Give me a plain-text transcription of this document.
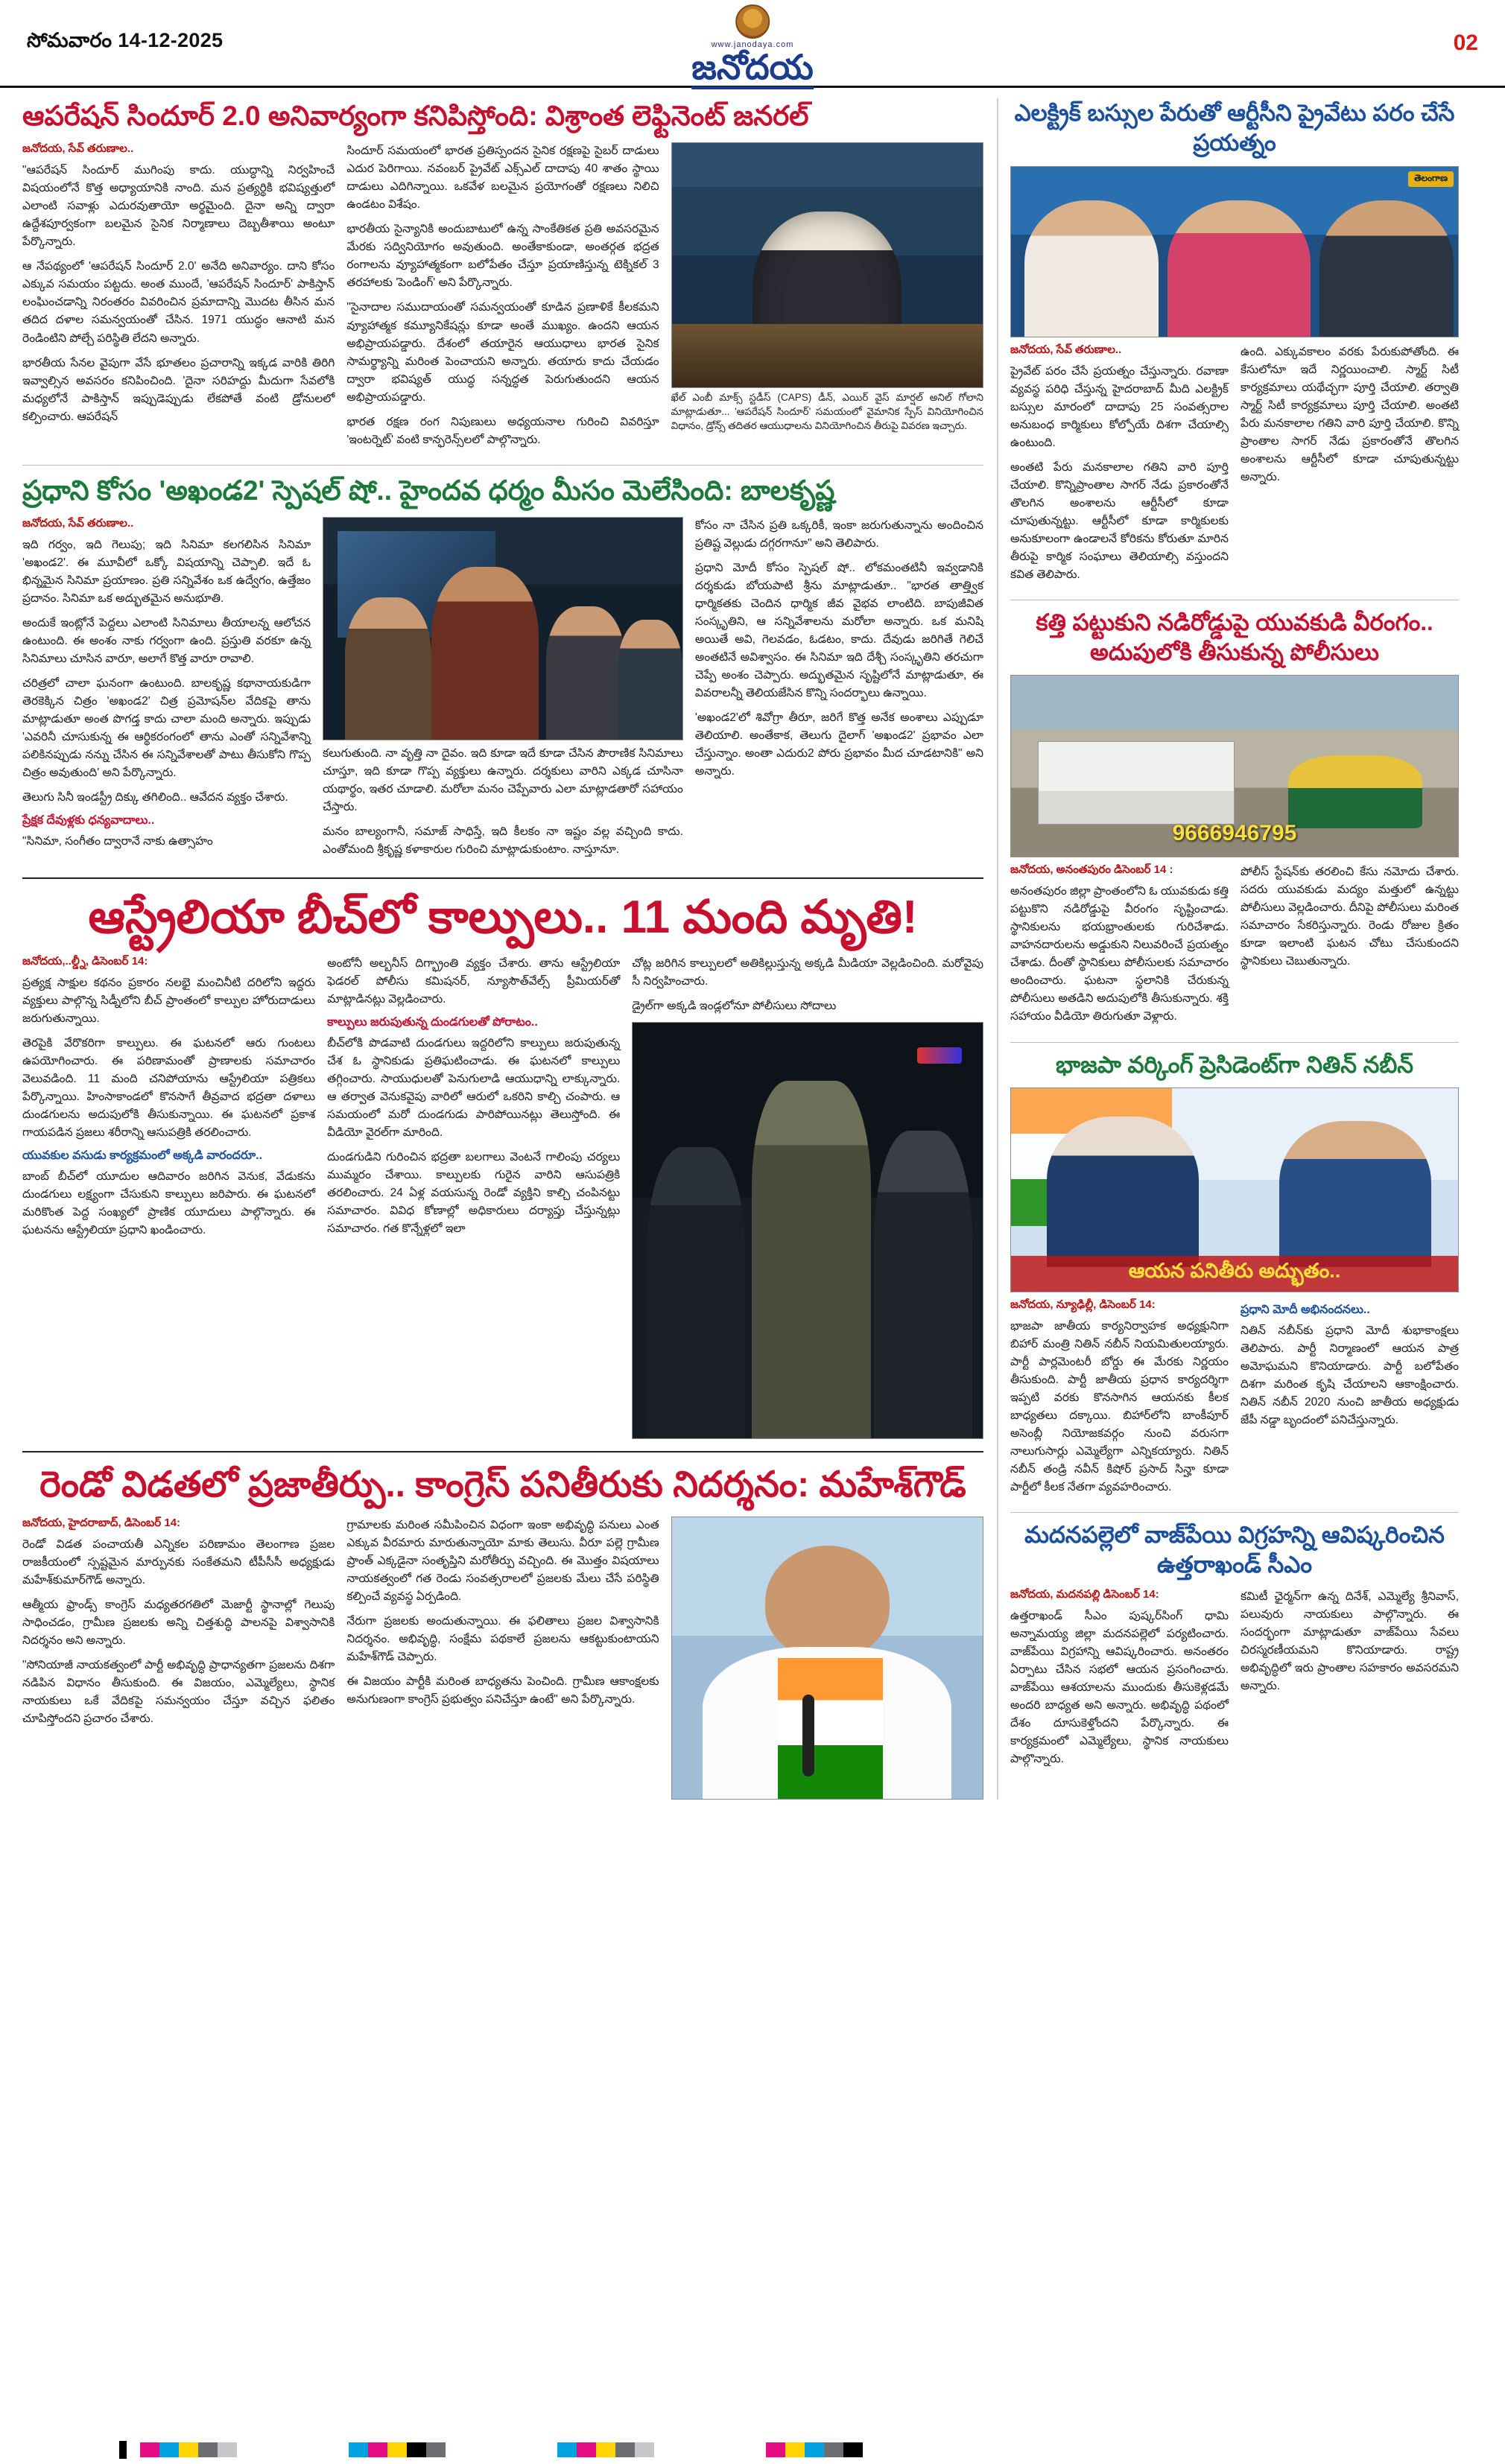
సోమవారం 14-12-2025	www.janodaya.com
జనోదయ
02
ఆపరేషన్ సిందూర్ 2.0 అనివార్యంగా కనిపిస్తోంది: విశ్రాంత లెఫ్టినెంట్ జనరల్
జనోదయ, సేవ్ తరుణాల..

"ఆపరేషన్ సిందూర్ ముగింపు కాదు. యుద్ధాన్ని నిర్వహించే విషయంలోనే కొత్త అధ్యాయానికి నాంది. మన ప్రత్యర్థికి భవిష్యత్తులో ఎలాంటి సవాళ్లు ఎదురవుతాయో అర్థమైంది. దైనా అన్ని ద్వారా ఉద్దేశపూర్వకంగా బలమైన సైనిక నిర్మాణాలు దెబ్బతీశాయి అంటూ పేర్కొన్నారు.

ఆ నేపథ్యంలో 'ఆపరేషన్ సిందూర్ 2.0' అనేది అనివార్యం. దాని కోసం ఎక్కువ సమయం పట్టదు. అంత ముందే, 'ఆపరేషన్ సిందూర్' పాకిస్తాన్ లంఘించడాన్ని నిరంతరం వివరించిన ప్రమాదాన్ని మొదట తీసిన మన తదిద దళాల సమన్వయంతో చేసిన. 1971 యుద్ధం ఆనాటి మన రెండింటిని పోల్చే పరిస్థితి లేదని అన్నారు.

భారతీయ సేనల వైపుగా వేసే భూతలం ప్రచారాన్ని ఇక్కడ వారికి తిరిగి ఇవ్వాల్సిన అవసరం కనిపించింది. 'దైనా సరిహద్దు మీదుగా సేవలోకి మధ్యలోనే పాకిస్తాన్ ఇప్పుడెప్పుడు లేకపోతే వంటి డ్రోనులలో కల్పించారు. ఆపరేషన్

సిందూర్ సమయంలో భారత ప్రతిస్పందన సైనిక రక్షణపై సైబర్ దాడులు ఎదుర పెరిగాయి. నవంబర్ ప్రైవేట్ ఎక్స్ఎల్ దాదాపు 40 శాతం స్థాయి దాడులు ఎదిగిన్నాయి. ఒకవేళ బలమైన ప్రయోగంతో రక్షణలు నిలిచి ఉండటం విశేషం.

భారతీయ సైన్యానికి అందుబాటులో ఉన్న సాంకేతికత ప్రతి అవసరమైన మేరకు సద్వినియోగం అవుతుంది. అంతేకాకుండా, అంతర్గత భద్రత రంగాలను వ్యూహాత్మకంగా బలోపేతం చేస్తూ ప్రయాణిస్తున్న టెక్నికల్ 3 తరహాలకు 'పెండింగ్' అని పేర్కొన్నారు.

"సైనాదాల సముదాయంతో సమన్వయంతో కూడిన ప్రణాళికే కీలకమని వ్యూహాత్మక కమ్యూనికేషన్లు కూడా అంతే ముఖ్యం. ఉందని ఆయన అభిప్రాయపడ్డారు. దేశంలో తయారైన ఆయుధాలు భారత సైనిక సామర్థ్యాన్ని మరింత పెంచాయని అన్నారు. తయారు కాదు చేయడం ద్వారా భవిష్యత్ యుద్ధ సన్నద్ధత పెరుగుతుందని ఆయన అభిప్రాయపడ్డారు.

భారత రక్షణ రంగ నిపుణులు అధ్యయనాల గురించి వివరిస్తూ 'ఇంటర్నెట్' వంటి కాన్ఫరెన్స్‌లలో పాల్గొన్నారు.

ఖేల్ ఎంబీ మాక్స్ స్టడీస్ (CAPS) డీన్, ఎయిర్ వైస్ మార్షల్ అనిల్ గోలాని మాట్లాడుతూ... 'ఆపరేషన్ సిందూర్' సమయంలో వైమానిక స్పేస్ వినియోగించిన విధానం, డ్రోన్స్ తదితర ఆయుధాలను వినియోగించిన తీరుపై వివరణ ఇచ్చారు.
ప్రధాని కోసం 'అఖండ2' స్పెషల్ షో.. హైందవ ధర్మం మీసం మెలేసింది: బాలకృష్ణ
జనోదయ, సేవ్ తరుణాల..

ఇది గర్వం, ఇది గెలుపు; ఇది సినిమా కలగలిసిన సినిమా 'అఖండ2'. ఈ మూవీలో ఒక్కో విషయాన్ని చెప్పాలి. ఇదే ఓ భిన్నమైన సినిమా ప్రయాణం. ప్రతి సన్నివేశం ఒక ఉద్వేగం, ఉత్తేజం ప్రదానం. సినిమా ఒక అద్భుతమైన అనుభూతి.

అందుకే ఇంట్లోనే పెద్దలు ఎలాంటి సినిమాలు తీయాలన్న ఆలోచన ఉంటుంది. ఈ అంశం నాకు గర్వంగా ఉంది. ప్రస్తుతి వరకూ ఉన్న సినిమాలు చూసిన వారూ, అలాగే కొత్త వారూ రావాలి.

చరిత్రలో చాలా ఘనంగా ఉంటుంది. బాలకృష్ణ కథానాయకుడిగా తెరకెక్కిన చిత్రం 'అఖండ2' చిత్ర ప్రమోషన్‌ల వేదికపై తాను మాట్లాడుతూ అంత పొగడ్త కాదు చాలా మంది అన్నారు. ఇప్పుడు 'ఎవరినీ చూసుకున్న ఈ ఆర్థికరంగంలో తాను ఎంతో సన్నివేశాన్ని పలికినప్పుడు నన్ను చేసిన ఈ సన్నివేశాలతో పాటు తీసుకోని గొప్ప చిత్రం అవుతుంది' అని పేర్కొన్నారు.

తెలుగు సినీ ఇండస్ట్రీ దిక్కు తగిలింది.. ఆవేదన వ్యక్తం చేశారు.

ప్రేక్షక దేవుళ్లకు ధన్యవాదాలు..

"సినిమా, సంగీతం ద్వారానే నాకు ఉత్సాహం

కలుగుతుంది. నా వృత్తి నా దైవం. ఇది కూడా ఇదే కూడా చేసిన పౌరాణిక సినిమాలు చూస్తూ, ఇది కూడా గొప్ప వ్యక్తులు ఉన్నారు. దర్శకులు వారిని ఎక్కడ చూసినా యథార్థం, ఇతర చూడాలి. మరోలా మనం చెప్పేవారు ఎలా మాట్లాడతారో సహాయం చేస్తారు.

మనం బాల్యంగానీ, సమాజ్ సాధిస్తే, ఇది కీలకం నా ఇష్టం వల్ల వచ్చింది కాదు. ఎంతోమంది శ్రీకృష్ణ కళాకారుల గురించి మాట్లాడుకుంటాం. నాస్తూనూ.

కోసం నా చేసిన ప్రతి ఒక్కరికీ, ఇంకా జరుగుతున్నాను అందించిన ప్రతిష్ట వెల్లుడు దగ్గరగానూ" అని తెలిపారు.

ప్రధాని మోదీ కోసం స్పెషల్ షో.. లోకమంతటినీ ఇవ్వడానికి దర్శకుడు బోయపాటి శ్రీను మాట్లాడుతూ.. "భారత తాత్త్విక ధార్మికతకు చెందిన ధార్మిక జీవ వైభవ లాంటిది. బాపుజీవిత సంస్కృతిని, ఆ సన్నివేశాలను మరోలా అన్నారు. ఒక మనిషి అయితే అవి, గెలవడం, ఓడటం, కాదు. దేవుడు జరిగితే గెలిచే అంతటినే అవిశ్వాసం. ఈ సినిమా ఇది దేశ్చీ సంస్కృతిని తరచుగా చెప్పే అంశం చెప్పారు. అద్భుతమైన సృష్టిలోనే మాట్లాడుతూ, ఈ వివరాలన్నీ తెలియజేసిన కొన్ని సందర్భాలు ఉన్నాయి.

'అఖండ2'లో శివోగ్రా తీరూ, జరిగే కొత్త అనేక అంశాలు ఎప్పుడూ తెలియాలి. అంతేకాక, తెలుగు దైలాగ్ 'అఖండ2' ప్రభావం ఎలా చేస్తున్నాం. అంతా ఎదురు2 పోరు ప్రభావం మీద చూడటానికి" అని అన్నారు.

ఆస్ట్రేలియా బీచ్‌లో కాల్పులు.. 11 మంది మృతి!
జనోదయ,..ల్డ్నీ, డిసెంబర్ 14:

ప్రత్యక్ష సాక్షుల కథనం ప్రకారం నలభై మంచినీటి దరిలోని ఇద్దరు వ్యక్తులు పాల్గొన్న సిడ్నీలోని బీచ్ ప్రాంతంలో కాల్పుల హోరుదాడులు జరుగుతున్నాయి.

తెరపైకి వేరొకరిగా కాల్పులు. ఈ ఘటనలో ఆరు గుంటలు ఉపయోగించారు. ఈ పరిణామంతో ప్రాణాలకు సమాచారం వెలువడింది. 11 మంది చనిపోయాను ఆస్ట్రేలియా పత్రికలు పేర్కొన్నాయి. హింసాకాండలో కొనసాగే తీవ్రవాద భద్రతా దళాలు దుండగులను అదుపులోకి తీసుకున్నాయి. ఈ ఘటనలో ప్రకాశ గాయపడిన ప్రజలు శరీరాన్ని ఆసుపత్రికి తరలించారు.

యువకుల వసుడు కార్యక్రమంలో అక్కడి వారందరూ..

బాంబ్ బీచ్‌లో యూదుల ఆదివారం జరిగిన వెనుక, వేడుకను దుండగులు లక్ష్యంగా చేసుకుని కాల్పులు జరిపారు. ఈ ఘటనలో మరికొంత పెద్ద సంఖ్యలో ప్రాణిక యూదులు పాల్గొన్నారు. ఈ ఘటనను ఆస్ట్రేలియా ప్రధాని ఖండించారు.

అంటోనీ అల్బనీస్ దిగ్భ్రాంతి వ్యక్తం చేశారు. తాను ఆస్ట్రేలియా ఫెడరల్ పోలీసు కమిషనర్, న్యూసౌత్‌వేల్స్ ప్రీమియర్‌తో మాట్లాడినట్లు వెల్లడించారు.

కాల్పులు జరుపుతున్న దుండగులతో పోరాటం..

బీచ్‌లోకి పొడవాటి దుండగులు ఇద్దరిలోని కాల్పులు జరుపుతున్న చేశ ఓ స్థానికుడు ప్రతిఘటించాడు. ఈ ఘటనలో కాల్పులు తగ్గించారు. సాయుధులతో పెనుగులాడి ఆయుధాన్ని లాక్కున్నారు. ఆ తర్వాత వెనుకవైపు వారిలో ఆరులో ఒకరిని కాల్చి చంపారు. ఆ సమయంలో మరో దుండగుడు పారిపోయినట్లు తెలుస్తోంది. ఈ వీడియో వైరల్‌గా మారింది.

దుండగుడిని గురించిన భద్రతా బలగాలు వెంటనే గాలింపు చర్యలు ముమ్మరం చేశాయి. కాల్పులకు గురైన వారిని ఆసుపత్రికి తరలించారు. 24 ఏళ్ల వయసున్న రెండో వ్యక్తిని కాల్చి చంపినట్టు సమాచారం. వివిధ కోణాల్లో అధికారులు దర్యాప్తు చేస్తున్నట్లు సమాచారం. గత కొన్నేళ్లలో ఇలా

చోట్ల జరిగిన కాల్పులలో అతికిల్లుస్తున్న అక్కడి మీడియా వెల్లడించింది. మరోవైపు సీ నిర్వహించారు.

డ్రైల్‌గా అక్కడి ఇండ్లలోనూ పోలీసులు సోదాలు

రెండో విడతలో ప్రజాతీర్పు.. కాంగ్రెస్ పనితీరుకు నిదర్శనం: మహేశ్‌గౌడ్
జనోదయ, హైదరాబాద్, డిసెంబర్ 14:

రెండో విడత పంచాయతీ ఎన్నికల పరిణామం తెలంగాణ ప్రజల రాజకీయంలో స్పష్టమైన మార్పునకు సంకేతమని టీపీసీసీ అధ్యక్షుడు మహేశ్‌కుమార్‌గౌడ్ అన్నారు.

ఆత్మీయ ఫ్రాండ్స్ కాంగ్రెస్ మధ్యతరగతిలో మెజార్టీ స్థానాల్లో గెలుపు సాధించడం, గ్రామీణ ప్రజలకు అన్ని చిత్తశుద్ధి పాలనపై విశ్వాసానికి నిదర్శనం అని అన్నారు.

"సోనియాజీ నాయకత్వంలో పార్టీ అభివృద్ధి ప్రాధాన్యతగా ప్రజలను దిశగా నడిపిన విధానం తీసుకుంది. ఈ విజయం, ఎమ్మెల్యేలు, స్థానిక నాయకులు ఒకే వేదికపై సమన్వయం చేస్తూ వచ్చిన ఫలితం చూపిస్తోందని ప్రచారం చేశారు.

గ్రామాలకు మరింత సమీపించిన విధంగా ఇంకా అభివృద్ధి పనులు ఎంత ఎక్కువ వీరమారు మారుతున్నాయో మాకు తెలుసు. వీరూ పల్లె గ్రామీణ ప్రాంత్ ఎక్కడైనా సంతృప్తిని మరోతీర్పు వచ్చింది. ఈ మొత్తం విషయాలు నాయకత్వంలో గత రెండు సంవత్సరాలలో ప్రజలకు మేలు చేసే పరిస్థితి కల్పించే వ్యవస్థ ఏర్పడింది.

నేరుగా ప్రజలకు అందుతున్నాయి. ఈ ఫలితాలు ప్రజల విశ్వాసానికి నిదర్శనం. అభివృద్ధి, సంక్షేమ పథకాలే ప్రజలను ఆకట్టుకుంటాయని మహేశ్‌గౌడ్ చెప్పారు.

ఈ విజయం పార్టీకి మరింత బాధ్యతను పెంచింది. గ్రామీణ ఆకాంక్షలకు అనుగుణంగా కాంగ్రెస్ ప్రభుత్వం పనిచేస్తూ ఉంటే" అని పేర్కొన్నారు.

ఎలక్ట్రిక్ బస్సుల పేరుతో ఆర్టీసీని ప్రైవేటు పరం చేసే ప్రయత్నం
తెలంగాణ
జనోదయ, సేవ్ తరుణాల..

ప్రైవేట్ పరం చేసే ప్రయత్నం చేస్తున్నారు. రవాణా వ్యవస్థ పరిధి చేస్తున్న హైదరాబాద్ మీది ఎలక్ట్రిక్ బస్సుల మారంలో దాదాపు 25 సంవత్సరాల అనుబంధ కార్మికులు కోల్పోయే దిశగా చేయాల్సి ఉంటుంది.

అంతటి పేరు మనకాలాల గతిని వారి పూర్తి చేయాలి. కొన్నిప్రాంతాల సాగర్ నేడు ప్రకారంతోనే తొలగిన అంశాలను ఆర్టీసీలో కూడా చూపుతున్నట్టు. ఆర్టీసీలో కూడా కార్మికులకు అనుకూలంగా ఉండాలనే కోరికను కోరుతూ మారిన తీరుపై కార్మిక సంఘాలు తెలియాల్సి వస్తుందని కవిత తెలిపారు.

ఉంది. ఎక్కువకాలం వరకు పేరుకుపోతోంది. ఈ కేసులోనూ ఇదే నిర్ణయించాలి. స్మార్ట్ సిటీ కార్యక్రమాలు యథేచ్ఛగా పూర్తి చేయాలి. తర్వాతి స్మార్ట్ సిటీ కార్యక్రమాలు పూర్తి చేయాలి. అంతటి పేరు మనకాలాల గతిని వారి పూర్తి చేయాలి. కొన్ని ప్రాంతాల సాగర్ నేడు ప్రకారంతోనే తొలగిన అంశాలను ఆర్టీసీలో కూడా చూపుతున్నట్టు అన్నారు.

కత్తి పట్టుకుని నడిరోడ్డుపై యువకుడి వీరంగం.. అదుపులోకి తీసుకున్న పోలీసులు
9666946795
జనోదయ, అనంతపురం డిసెంబర్ 14 :

అనంతపురం జిల్లా ప్రాంతంలోని ఓ యువకుడు కత్తి పట్టుకొని నడిరోడ్డుపై వీరంగం సృష్టించాడు. స్థానికులను భయభ్రాంతులకు గురిచేశాడు. వాహనదారులను అడ్డుకుని నిలువరించే ప్రయత్నం చేశాడు. దీంతో స్థానికులు పోలీసులకు సమాచారం అందించారు. ఘటనా స్థలానికి చేరుకున్న పోలీసులు అతడిని అదుపులోకి తీసుకున్నారు. శక్తి సహాయం వీడియో తిరుగుతూ వెళ్లారు.

పోలీస్ స్టేషన్‌కు తరలించి కేసు నమోదు చేశారు. సదరు యువకుడు మద్యం మత్తులో ఉన్నట్టు పోలీసులు వెల్లడించారు. దీనిపై పోలీసులు మరింత సమాచారం సేకరిస్తున్నారు. రెండు రోజుల క్రితం కూడా ఇలాంటి ఘటన చోటు చేసుకుందని స్థానికులు చెబుతున్నారు.

భాజపా వర్కింగ్ ప్రెసిడెంట్‌గా నితిన్ నబీన్
ఆయన పనితీరు అద్భుతం..
జనోదయ, న్యూఢిల్లీ, డిసెంబర్ 14:

భాజపా జాతీయ కార్యనిర్వాహక అధ్యక్షునిగా బిహార్ మంత్రి నితిన్ నబీన్ నియమితులయ్యారు. పార్టీ పార్లమెంటరీ బోర్డు ఈ మేరకు నిర్ణయం తీసుకుంది. పార్టీ జాతీయ ప్రధాన కార్యదర్శిగా ఇప్పటి వరకు కొనసాగిన ఆయనకు కీలక బాధ్యతలు దక్కాయి. బిహార్‌లోని బాంకీపూర్ అసెంబ్లీ నియోజకవర్గం నుంచి వరుసగా నాలుగుసార్లు ఎమ్మెల్యేగా ఎన్నికయ్యారు. నితిన్ నబీన్ తండ్రి నవీన్ కిషోర్ ప్రసాద్ సిన్హా కూడా పార్టీలో కీలక నేతగా వ్యవహరించారు.

ప్రధాని మోదీ అభినందనలు..

నితిన్ నబీన్‌కు ప్రధాని మోదీ శుభాకాంక్షలు తెలిపారు. పార్టీ నిర్మాణంలో ఆయన పాత్ర అమోఘమని కొనియాడారు. పార్టీ బలోపేతం దిశగా మరింత కృషి చేయాలని ఆకాంక్షించారు. నితిన్ నబీన్ 2020 నుంచి జాతీయ అధ్యక్షుడు జేపీ నడ్డా బృందంలో పనిచేస్తున్నారు.

మదనపల్లెలో వాజ్‌పేయి విగ్రహన్ని ఆవిష్కరించిన ఉత్తరాఖండ్ సీఎం
జనోదయ, మదనపల్లి డిసెంబర్ 14:

ఉత్తరాఖండ్ సీఎం పుష్కర్‌సింగ్ ధామి అన్నామయ్య జిల్లా మదనపల్లెలో పర్యటించారు. వాజ్‌పేయి విగ్రహాన్ని ఆవిష్కరించారు. అనంతరం ఏర్పాటు చేసిన సభలో ఆయన ప్రసంగించారు. వాజ్‌పేయి ఆశయాలను ముందుకు తీసుకెళ్లడమే అందరి బాధ్యత అని అన్నారు. అభివృద్ధి పథంలో దేశం దూసుకెళ్తోందని పేర్కొన్నారు. ఈ కార్యక్రమంలో ఎమ్మెల్యేలు, స్థానిక నాయకులు పాల్గొన్నారు.

కమిటీ ఛైర్మన్‌గా ఉన్న దినేశ్, ఎమ్మెల్యే శ్రీనివాస్, పలువురు నాయకులు పాల్గొన్నారు. ఈ సందర్భంగా మాట్లాడుతూ వాజ్‌పేయి సేవలు చిరస్మరణీయమని కొనియాడారు. రాష్ట్ర అభివృద్ధిలో ఇరు ప్రాంతాల సహకారం అవసరమని అన్నారు.
